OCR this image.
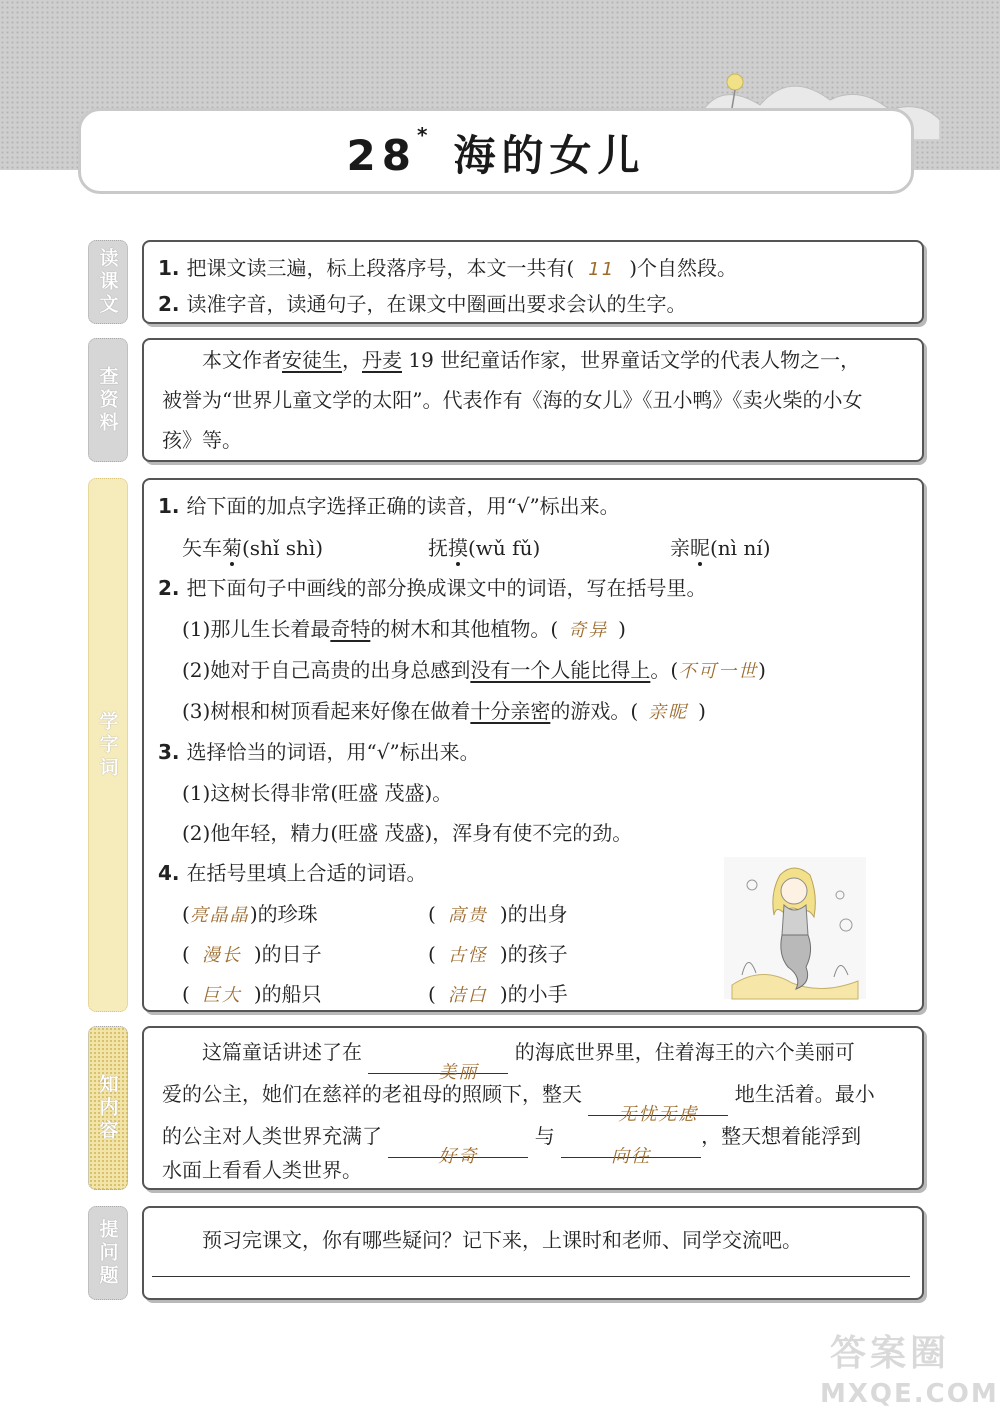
28* 海的女儿
读课文 1. 把课文读三遍，标上段落序号，本文一共有( 11 )个自然段。
2. 读准字音，读通句子，在课文中圈画出要求会认的生字。
查资料
本文作者安徒生，丹麦 19 世纪童话作家，世界童话文学的代表人物之一，
被誉为“世界儿童文学的太阳”。代表作有《海的女儿》《丑小鸭》《卖火柴的小女
孩》等。
学字词
1. 给下面的加点字选择正确的读音，用“√”标出来。
矢车菊(shǐ shì)	抚摸(wǔ fǔ)	亲昵(nì ní)
2. 把下面句子中画线的部分换成课文中的词语，写在括号里。
(1)那儿生长着最奇特的树木和其他植物。( 奇异 )
(2)她对于自己高贵的出身总感到没有一个人能比得上。(不可一世)
(3)树根和树顶看起来好像在做着十分亲密的游戏。( 亲昵 )
3. 选择恰当的词语，用“√”标出来。
(1)这树长得非常(旺盛 茂盛)。
(2)他年轻，精力(旺盛 茂盛)，浑身有使不完的劲。
4. 在括号里填上合适的词语。
(亮晶晶)的珍珠	( 高贵 )的出身
( 漫长 )的日子	( 古怪 )的孩子
( 巨大 )的船只	( 洁白 )的小手
知内容
这篇童话讲述了在 美丽 的海底世界里，住着海王的六个美丽可
爱的公主，她们在慈祥的老祖母的照顾下，整天 无忧无虑 地生活着。最小
的公主对人类世界充满了 好奇 与 向往，整天想着能浮到
水面上看看人类世界。
提问题	预习完课文，你有哪些疑问？记下来，上课时和老师、同学交流吧。
答案圈
MXQE.COM
